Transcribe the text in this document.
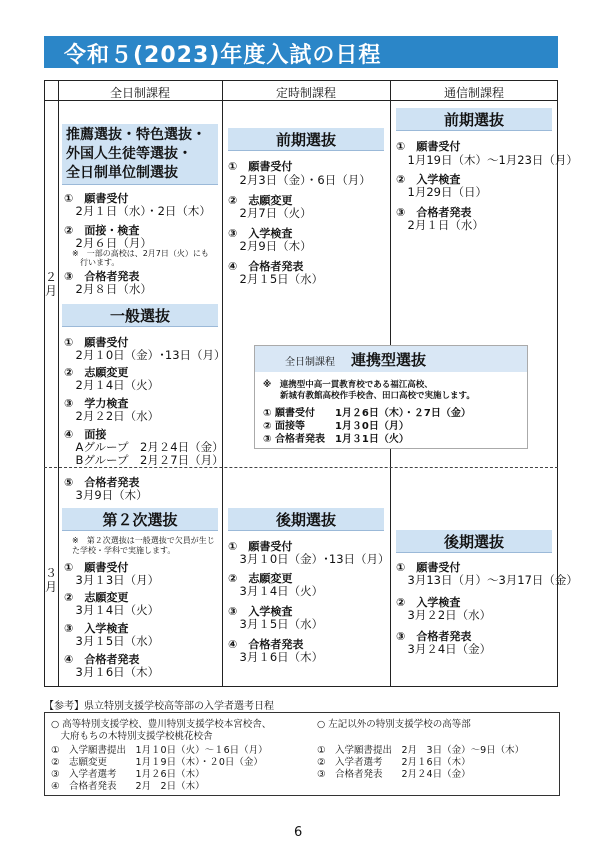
令和５(2023)年度入試の日程
全日制課程	定時制課程	通信制課程
２月
３月
推薦選抜・特色選抜・
外国人生徒等選抜・
全日制単位制選抜
①　願書受付
　2月１日（水）・2日（木）
②　面接・検査
　2月６日（月）
　※　一部の高校は、2月7日（火）にも
　　行います。
③　合格者発表
　2月８日（水）
一般選抜
①　願書受付
　2月１0日（金）･13日（月）
②　志願変更
　2月１4日（火）
③　学力検査
　2月２2日（水）
④　面接
　Aグループ　2月２4日（金）
　Bグループ　2月２7日（月）
⑤　合格者発表
　3月9日（木）
第２次選抜
※　第２次選抜は一般選抜で欠員が生じ
た学校・学科で実施します。
①　願書受付
　3月１3日（月）
②　志願変更
　3月１4日（火）
③　入学検査
　3月１5日（水）
④　合格者発表
　3月１6日（木）
前期選抜
①　願書受付
　2月3日（金）・6日（月）
②　志願変更
　2月7日（火）
③　入学検査
　2月9日（木）
④　合格者発表
　2月１5日（水）
後期選抜
①　願書受付
　3月１0日（金）･13日（月）
②　志願変更
　3月１4日（火）
③　入学検査
　3月１5日（水）
④　合格者発表
　3月１6日（木）
前期選抜
①　願書受付
　1月19日（木）～1月23日（月）
②　入学検査
　1月29日（日）
③　合格者発表
　2月１日（水）
後期選抜
①　願書受付
　3月13日（月）～3月17日（金）
②　入学検査
　3月２2日（水）
③　合格者発表
　3月２4日（金）
全日制課程 連携型選抜
※　連携型中高一貫教育校である福江高校、
　　新城有教館高校作手校舎、田口高校で実施します。
① 願書受付　　1月２6日（木）・２7日（金）
② 面接等　　　1月３0日（月）
③ 合格者発表　1月３1日（火）
【参考】県立特別支援学校高等部の入学者選考日程
○ 高等特別支援学校、豊川特別支援学校本宮校舎、
　大府もちの木特別支援学校桃花校舎
①　入学願書提出　1月１0日（火）～１6日（月）
②　志願変更　　　1月１9日（木）・２0日（金）
③　入学者選考　　1月２6日（木）
④　合格者発表　　2月　2日（木）
○ 左記以外の特別支援学校の高等部
①　入学願書提出　2月　3日（金）～9日（木）
②　入学者選考　　2月１6日（木）
③　合格者発表　　2月２4日（金）
6
